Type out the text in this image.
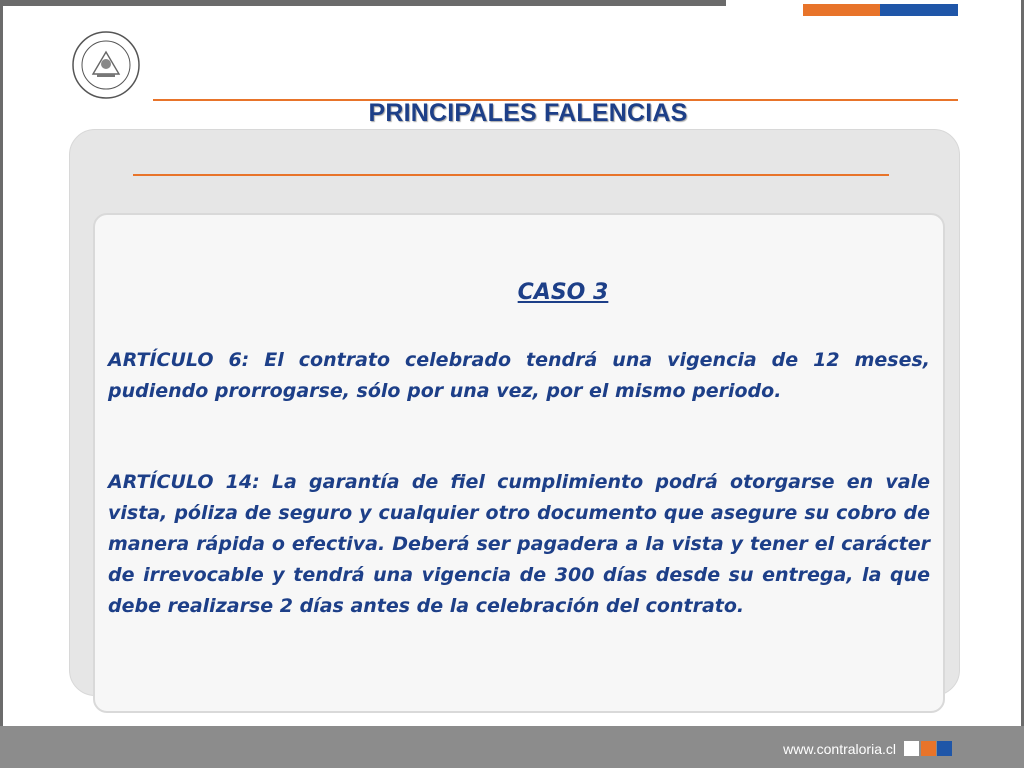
PRINCIPALES FALENCIAS
CASO 3

ARTÍCULO 6: El contrato celebrado tendrá una vigencia de 12 meses, pudiendo prorrogarse, sólo por una vez, por el mismo periodo.

ARTÍCULO 14: La garantía de fiel cumplimiento podrá otorgarse en vale vista, póliza de seguro y cualquier otro documento que asegure su cobro de manera rápida o efectiva. Deberá ser pagadera a la vista y tener el carácter de irrevocable y tendrá una vigencia de 300 días desde su entrega, la que debe realizarse 2 días antes de la celebración del contrato.

www.contraloria.cl
